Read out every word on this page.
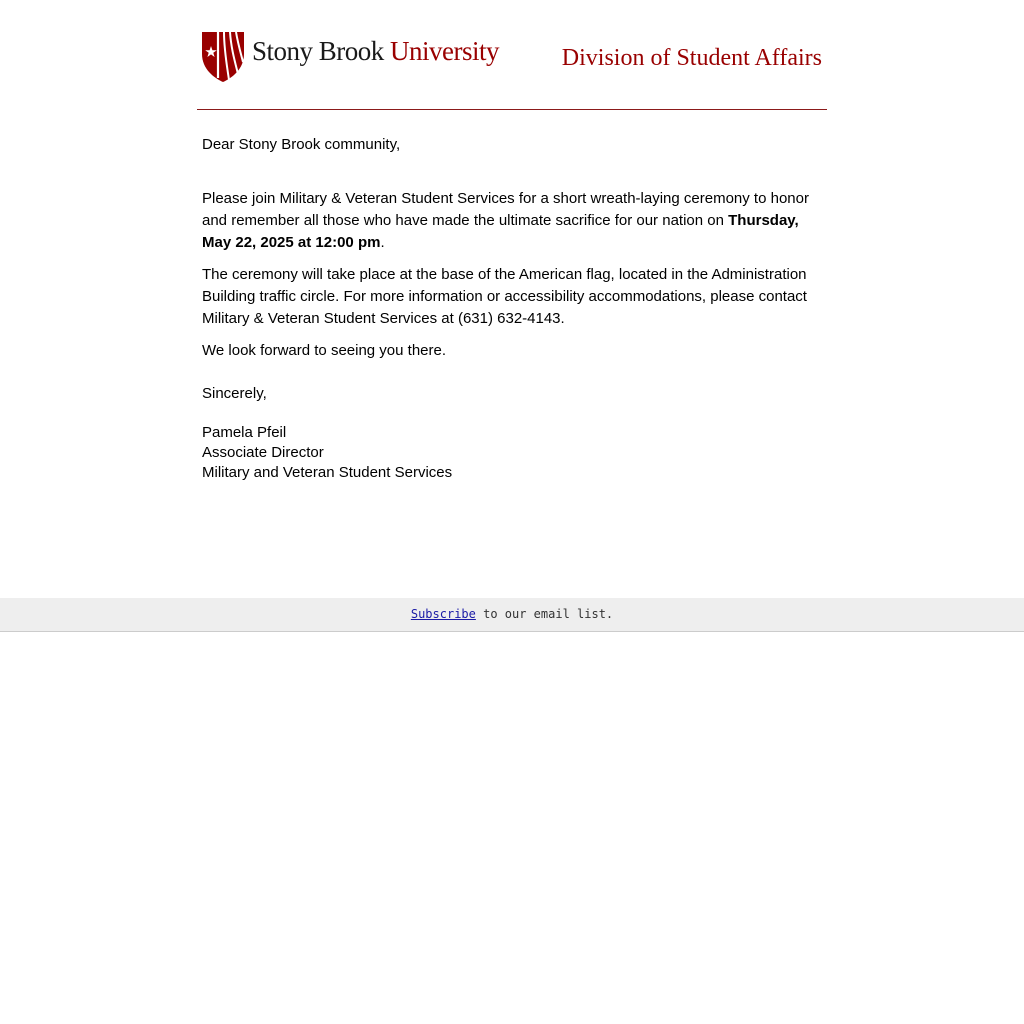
Stony Brook University	Division of Student Affairs

Dear Stony Brook community,

Please join Military & Veteran Student Services for a short wreath-laying ceremony to honor and remember all those who have made the ultimate sacrifice for our nation on Thursday, May 22, 2025 at 12:00 pm.

The ceremony will take place at the base of the American flag, located in the Administration Building traffic circle. For more information or accessibility accommodations, please contact Military & Veteran Student Services at (631) 632-4143.

We look forward to seeing you there.

Sincerely,

Pamela Pfeil
Associate Director
Military and Veteran Student Services
Subscribe to our email list.
